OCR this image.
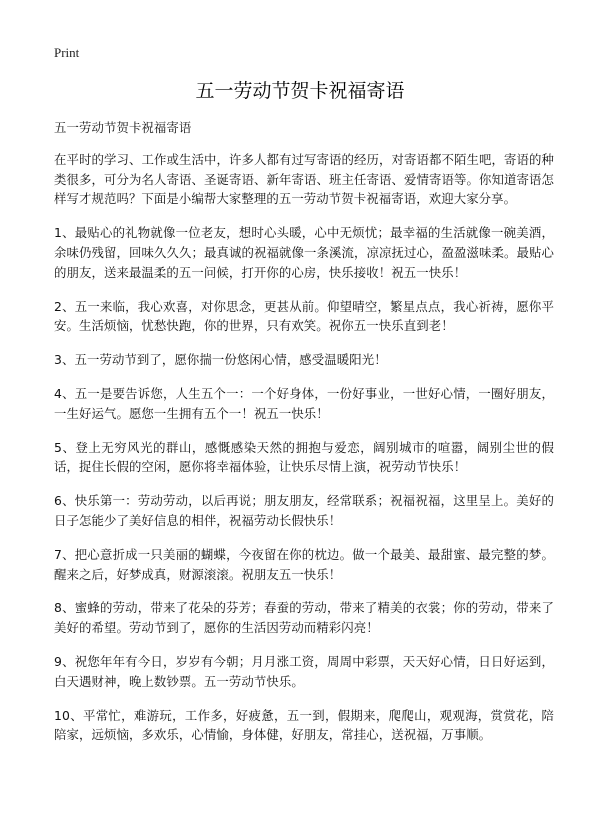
Print
五一劳动节贺卡祝福寄语

五一劳动节贺卡祝福寄语

在平时的学习、工作或生活中，许多人都有过写寄语的经历，对寄语都不陌生吧，寄语的种类很多，可分为名人寄语、圣诞寄语、新年寄语、班主任寄语、爱情寄语等。你知道寄语怎样写才规范吗？下面是小编帮大家整理的五一劳动节贺卡祝福寄语，欢迎大家分享。

1、最贴心的礼物就像一位老友，想时心头暖，心中无烦忧；最幸福的生活就像一碗美酒，余味仍残留，回味久久久；最真诚的祝福就像一条溪流，凉凉抚过心，盈盈滋味柔。最贴心的朋友，送来最温柔的五一问候，打开你的心房，快乐接收！祝五一快乐！

2、五一来临，我心欢喜，对你思念，更甚从前。仰望晴空，繁星点点，我心祈祷，愿你平安。生活烦恼，忧愁快跑，你的世界，只有欢笑。祝你五一快乐直到老！

3、五一劳动节到了，愿你揣一份悠闲心情，感受温暖阳光！

4、五一是要告诉您，人生五个一：一个好身体，一份好事业，一世好心情，一圈好朋友，一生好运气。愿您一生拥有五个一！祝五一快乐！

5、登上无穷风光的群山，感慨感染天然的拥抱与爱恋，阔别城市的喧嚣，阔别尘世的假话，捉住长假的空闲，愿你将幸福体验，让快乐尽情上演，祝劳动节快乐！

6、快乐第一：劳动劳动，以后再说；朋友朋友，经常联系；祝福祝福，这里呈上。美好的日子怎能少了美好信息的相伴，祝福劳动长假快乐！

7、把心意折成一只美丽的蝴蝶，今夜留在你的枕边。做一个最美、最甜蜜、最完整的梦。醒来之后，好梦成真，财源滚滚。祝朋友五一快乐！

8、蜜蜂的劳动，带来了花朵的芬芳；春蚕的劳动，带来了精美的衣裳；你的劳动，带来了美好的希望。劳动节到了，愿你的生活因劳动而精彩闪亮！

9、祝您年年有今日，岁岁有今朝；月月涨工资，周周中彩票，天天好心情，日日好运到，白天遇财神，晚上数钞票。五一劳动节快乐。

10、平常忙，难游玩，工作多，好疲惫，五一到，假期来，爬爬山，观观海，赏赏花，陪陪家，远烦恼，多欢乐，心情愉，身体健，好朋友，常挂心，送祝福，万事顺。
